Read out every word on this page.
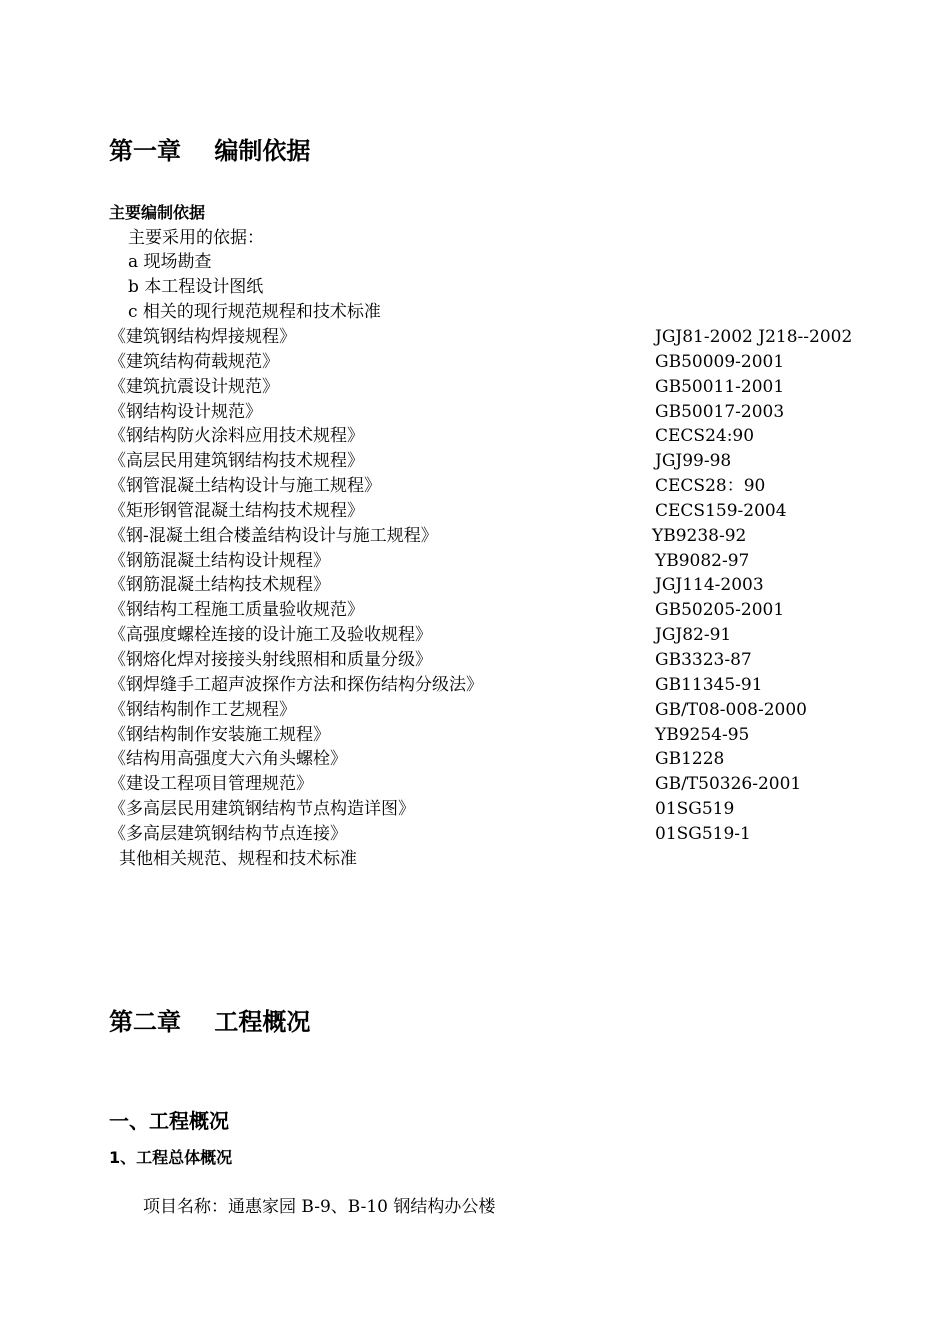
第一章    编制依据
主要编制依据
主要采用的依据：
a 现场勘查
b 本工程设计图纸
c 相关的现行规范规程和技术标准
《建筑钢结构焊接规程》	JGJ81-2002 J218--2002
《建筑结构荷载规范》	GB50009-2001
《建筑抗震设计规范》	GB50011-2001
《钢结构设计规范》	GB50017-2003
《钢结构防火涂料应用技术规程》	CECS24:90
《高层民用建筑钢结构技术规程》	JGJ99-98
《钢管混凝土结构设计与施工规程》	CECS28：90
《矩形钢管混凝土结构技术规程》	CECS159-2004
《钢-混凝土组合楼盖结构设计与施工规程》	YB9238-92
《钢筋混凝土结构设计规程》	YB9082-97
《钢筋混凝土结构技术规程》	JGJ114-2003
《钢结构工程施工质量验收规范》	GB50205-2001
《高强度螺栓连接的设计施工及验收规程》	JGJ82-91
《钢熔化焊对接接头射线照相和质量分级》	GB3323-87
《钢焊缝手工超声波探作方法和探伤结构分级法》	GB11345-91
《钢结构制作工艺规程》	GB/T08-008-2000
《钢结构制作安装施工规程》	YB9254-95
《结构用高强度大六角头螺栓》	GB1228
《建设工程项目管理规范》	GB/T50326-2001
《多高层民用建筑钢结构节点构造详图》	01SG519
《多高层建筑钢结构节点连接》	01SG519-1
其他相关规范、规程和技术标准
第二章    工程概况
一、工程概况
1、工程总体概况
项目名称：通惠家园 B-9、B-10 钢结构办公楼
